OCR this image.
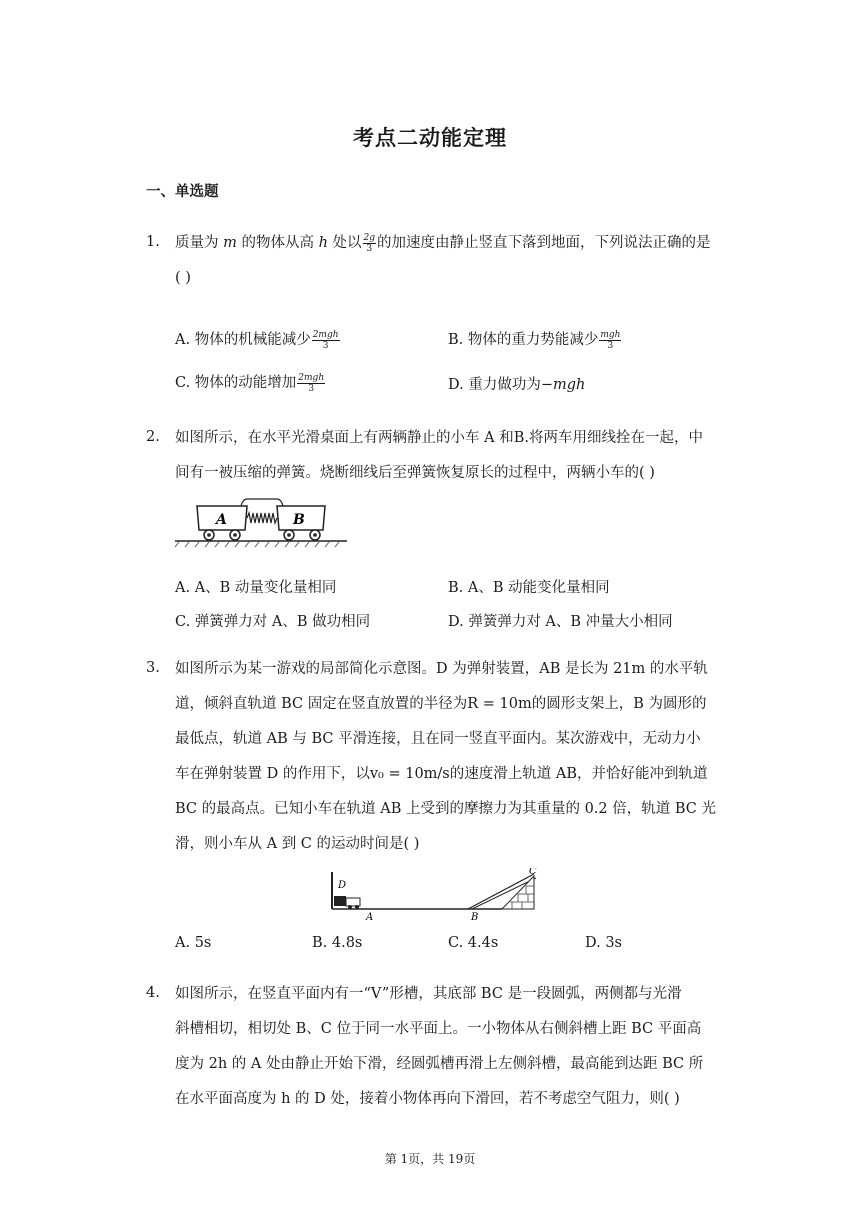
考点二动能定理
一、单选题
1. 质量为 m 的物体从高 h 处以 $\frac{2g}{3}$ 的加速度由静止竖直下落到地面，下列说法正确的是
( )
A. 物体的机械能减少 $\frac{\text{2mgh}}{3}$	B. 物体的重力势能减少 $\frac{\text{mgh}}{3}$
C. 物体的动能增加 $\frac{\text{2mgh}}{3}$	D. 重力做功为−mgh
2. 如图所示，在水平光滑桌面上有两辆静止的小车 A 和B.将两车用细线拴在一起，中
间有一被压缩的弹簧。烧断细线后至弹簧恢复原长的过程中，两辆小车的( )
A	B
A. A、B 动量变化量相同	B. A、B 动能变化量相同
C. 弹簧弹力对 A、B 做功相同	D. 弹簧弹力对 A、B 冲量大小相同
3. 如图所示为某一游戏的局部简化示意图。D 为弹射装置，AB 是长为 21m 的水平轨
道，倾斜直轨道 BC 固定在竖直放置的半径为R = 10m的圆形支架上，B 为圆形的
最低点，轨道 AB 与 BC 平滑连接，且在同一竖直平面内。某次游戏中，无动力小
车在弹射装置 D 的作用下，以v₀ = 10m/s的速度滑上轨道 AB，并恰好能冲到轨道
BC 的最高点。已知小车在轨道 AB 上受到的摩擦力为其重量的 0.2 倍，轨道 BC 光
滑，则小车从 A 到 C 的运动时间是( )
D
A	B
C
A. 5s	B. 4.8s	C. 4.4s	D. 3s
4. 如图所示，在竖直平面内有一“V”形槽，其底部 BC 是一段圆弧，两侧都与光滑
斜槽相切，相切处 B、C 位于同一水平面上。一小物体从右侧斜槽上距 BC 平面高
度为 2h 的 A 处由静止开始下滑，经圆弧槽再滑上左侧斜槽，最高能到达距 BC 所
在水平面高度为 h 的 D 处，接着小物体再向下滑回，若不考虑空气阻力，则( )
第 1页，共 19页
